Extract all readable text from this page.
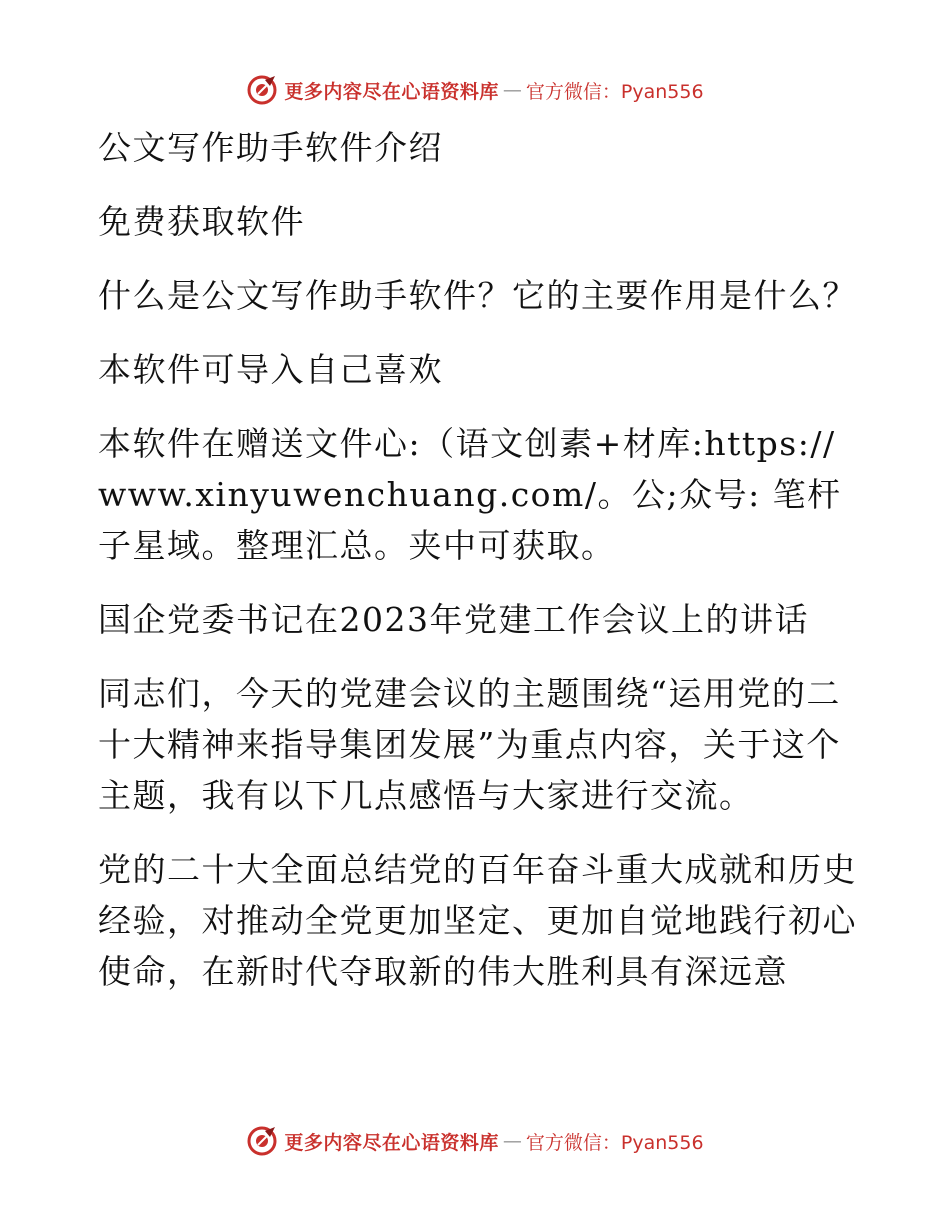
更多内容尽在心语资料库 — 官方微信：Pyan556

公文写作助手软件介绍

免费获取软件

什么是公文写作助手软件？它的主要作用是什么？

本软件可导入自己喜欢

本软件在赠送文件心:（语文创素+材库:https://www.xinyuwenchuang.com/。公;众号: 笔杆子星域。整理汇总。夹中可获取。

国企党委书记在2023年党建工作会议上的讲话

同志们，今天的党建会议的主题围绕“运用党的二十大精神来指导集团发展”为重点内容，关于这个主题，我有以下几点感悟与大家进行交流。

党的二十大全面总结党的百年奋斗重大成就和历史经验，对推动全党更加坚定、更加自觉地践行初心使命，在新时代夺取新的伟大胜利具有深远意

更多内容尽在心语资料库 — 官方微信：Pyan556
